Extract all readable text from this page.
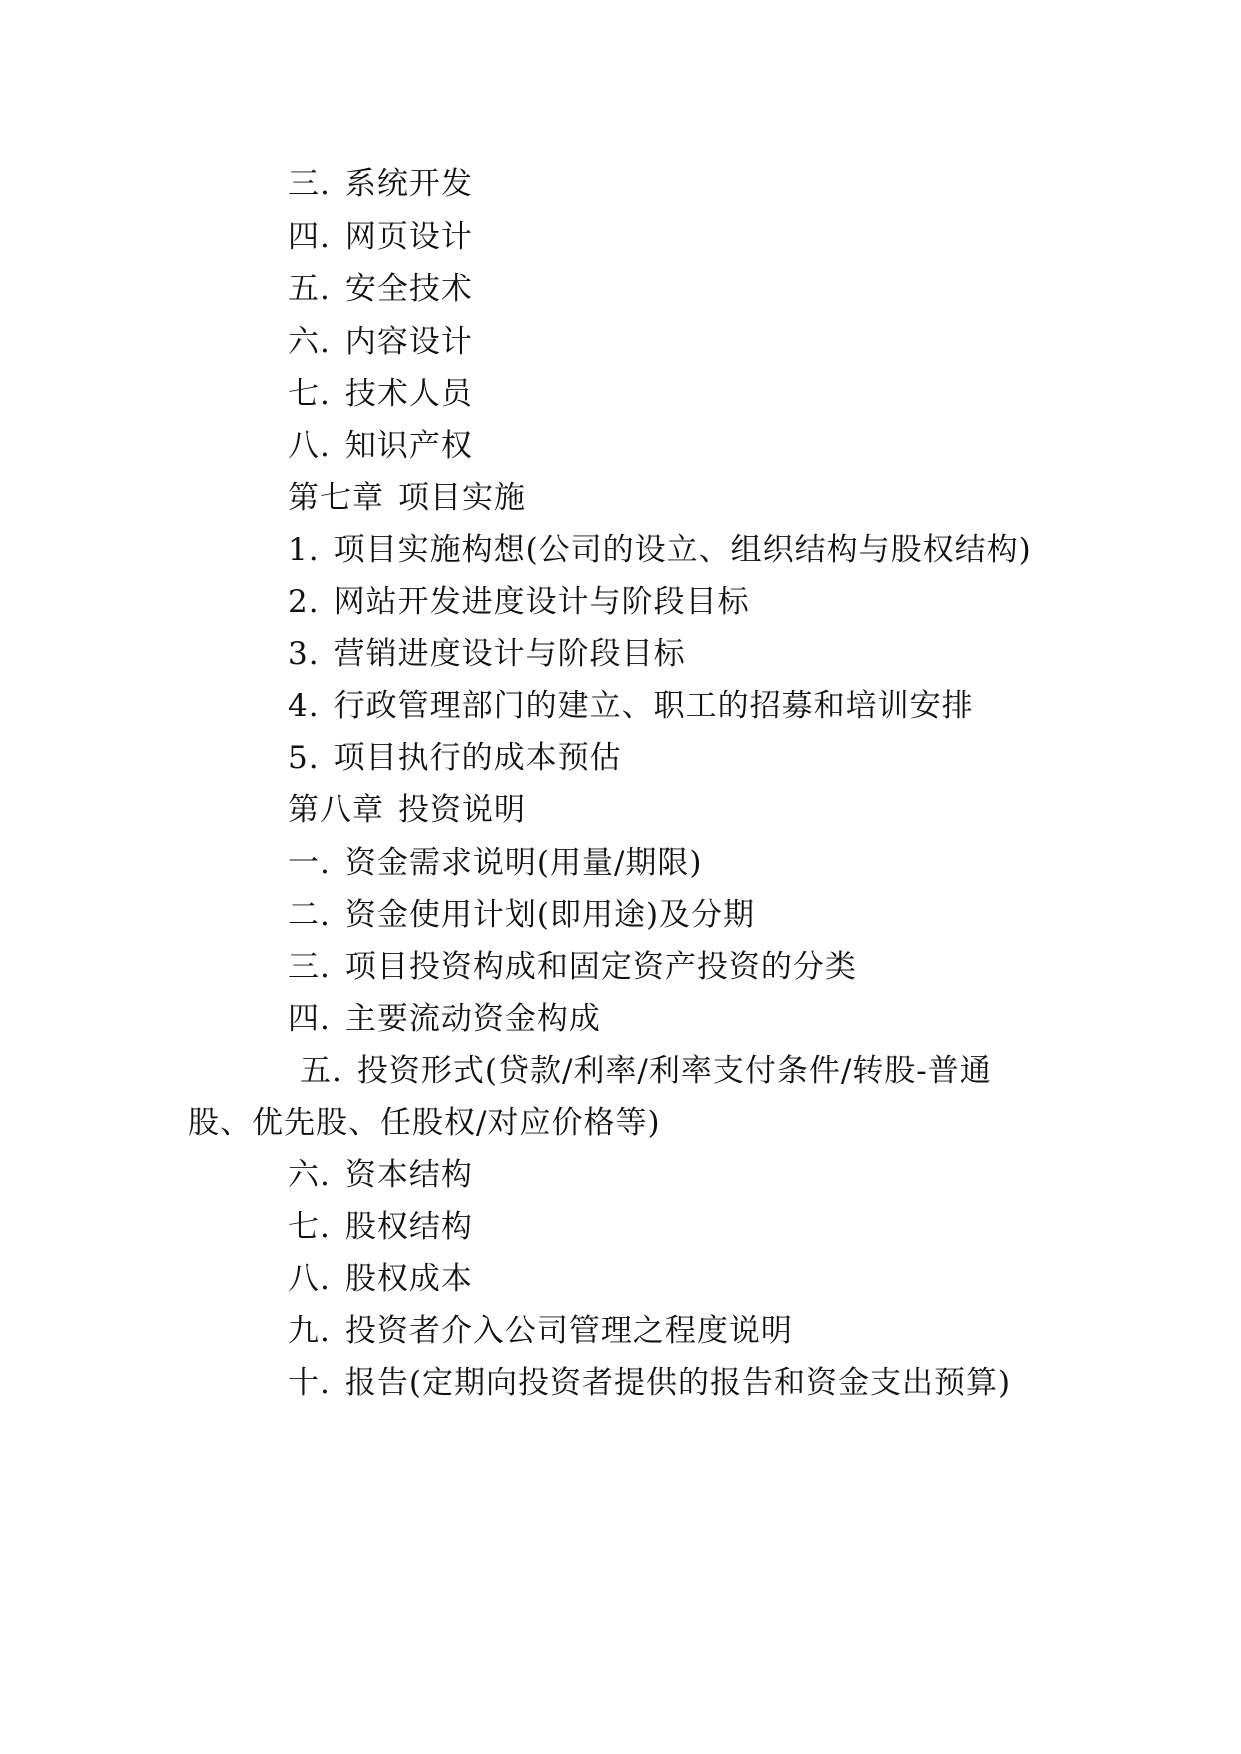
三. 系统开发
四. 网页设计
五. 安全技术
六. 内容设计
七. 技术人员
八. 知识产权
第七章 项目实施
1. 项目实施构想(公司的设立、组织结构与股权结构)
2. 网站开发进度设计与阶段目标
3. 营销进度设计与阶段目标
4. 行政管理部门的建立、职工的招募和培训安排
5. 项目执行的成本预估
第八章 投资说明
一. 资金需求说明(用量/期限)
二. 资金使用计划(即用途)及分期
三. 项目投资构成和固定资产投资的分类
四. 主要流动资金构成
五. 投资形式(贷款/利率/利率支付条件/转股-普通
股、优先股、任股权/对应价格等)
六. 资本结构
七. 股权结构
八. 股权成本
九. 投资者介入公司管理之程度说明
十. 报告(定期向投资者提供的报告和资金支出预算)
